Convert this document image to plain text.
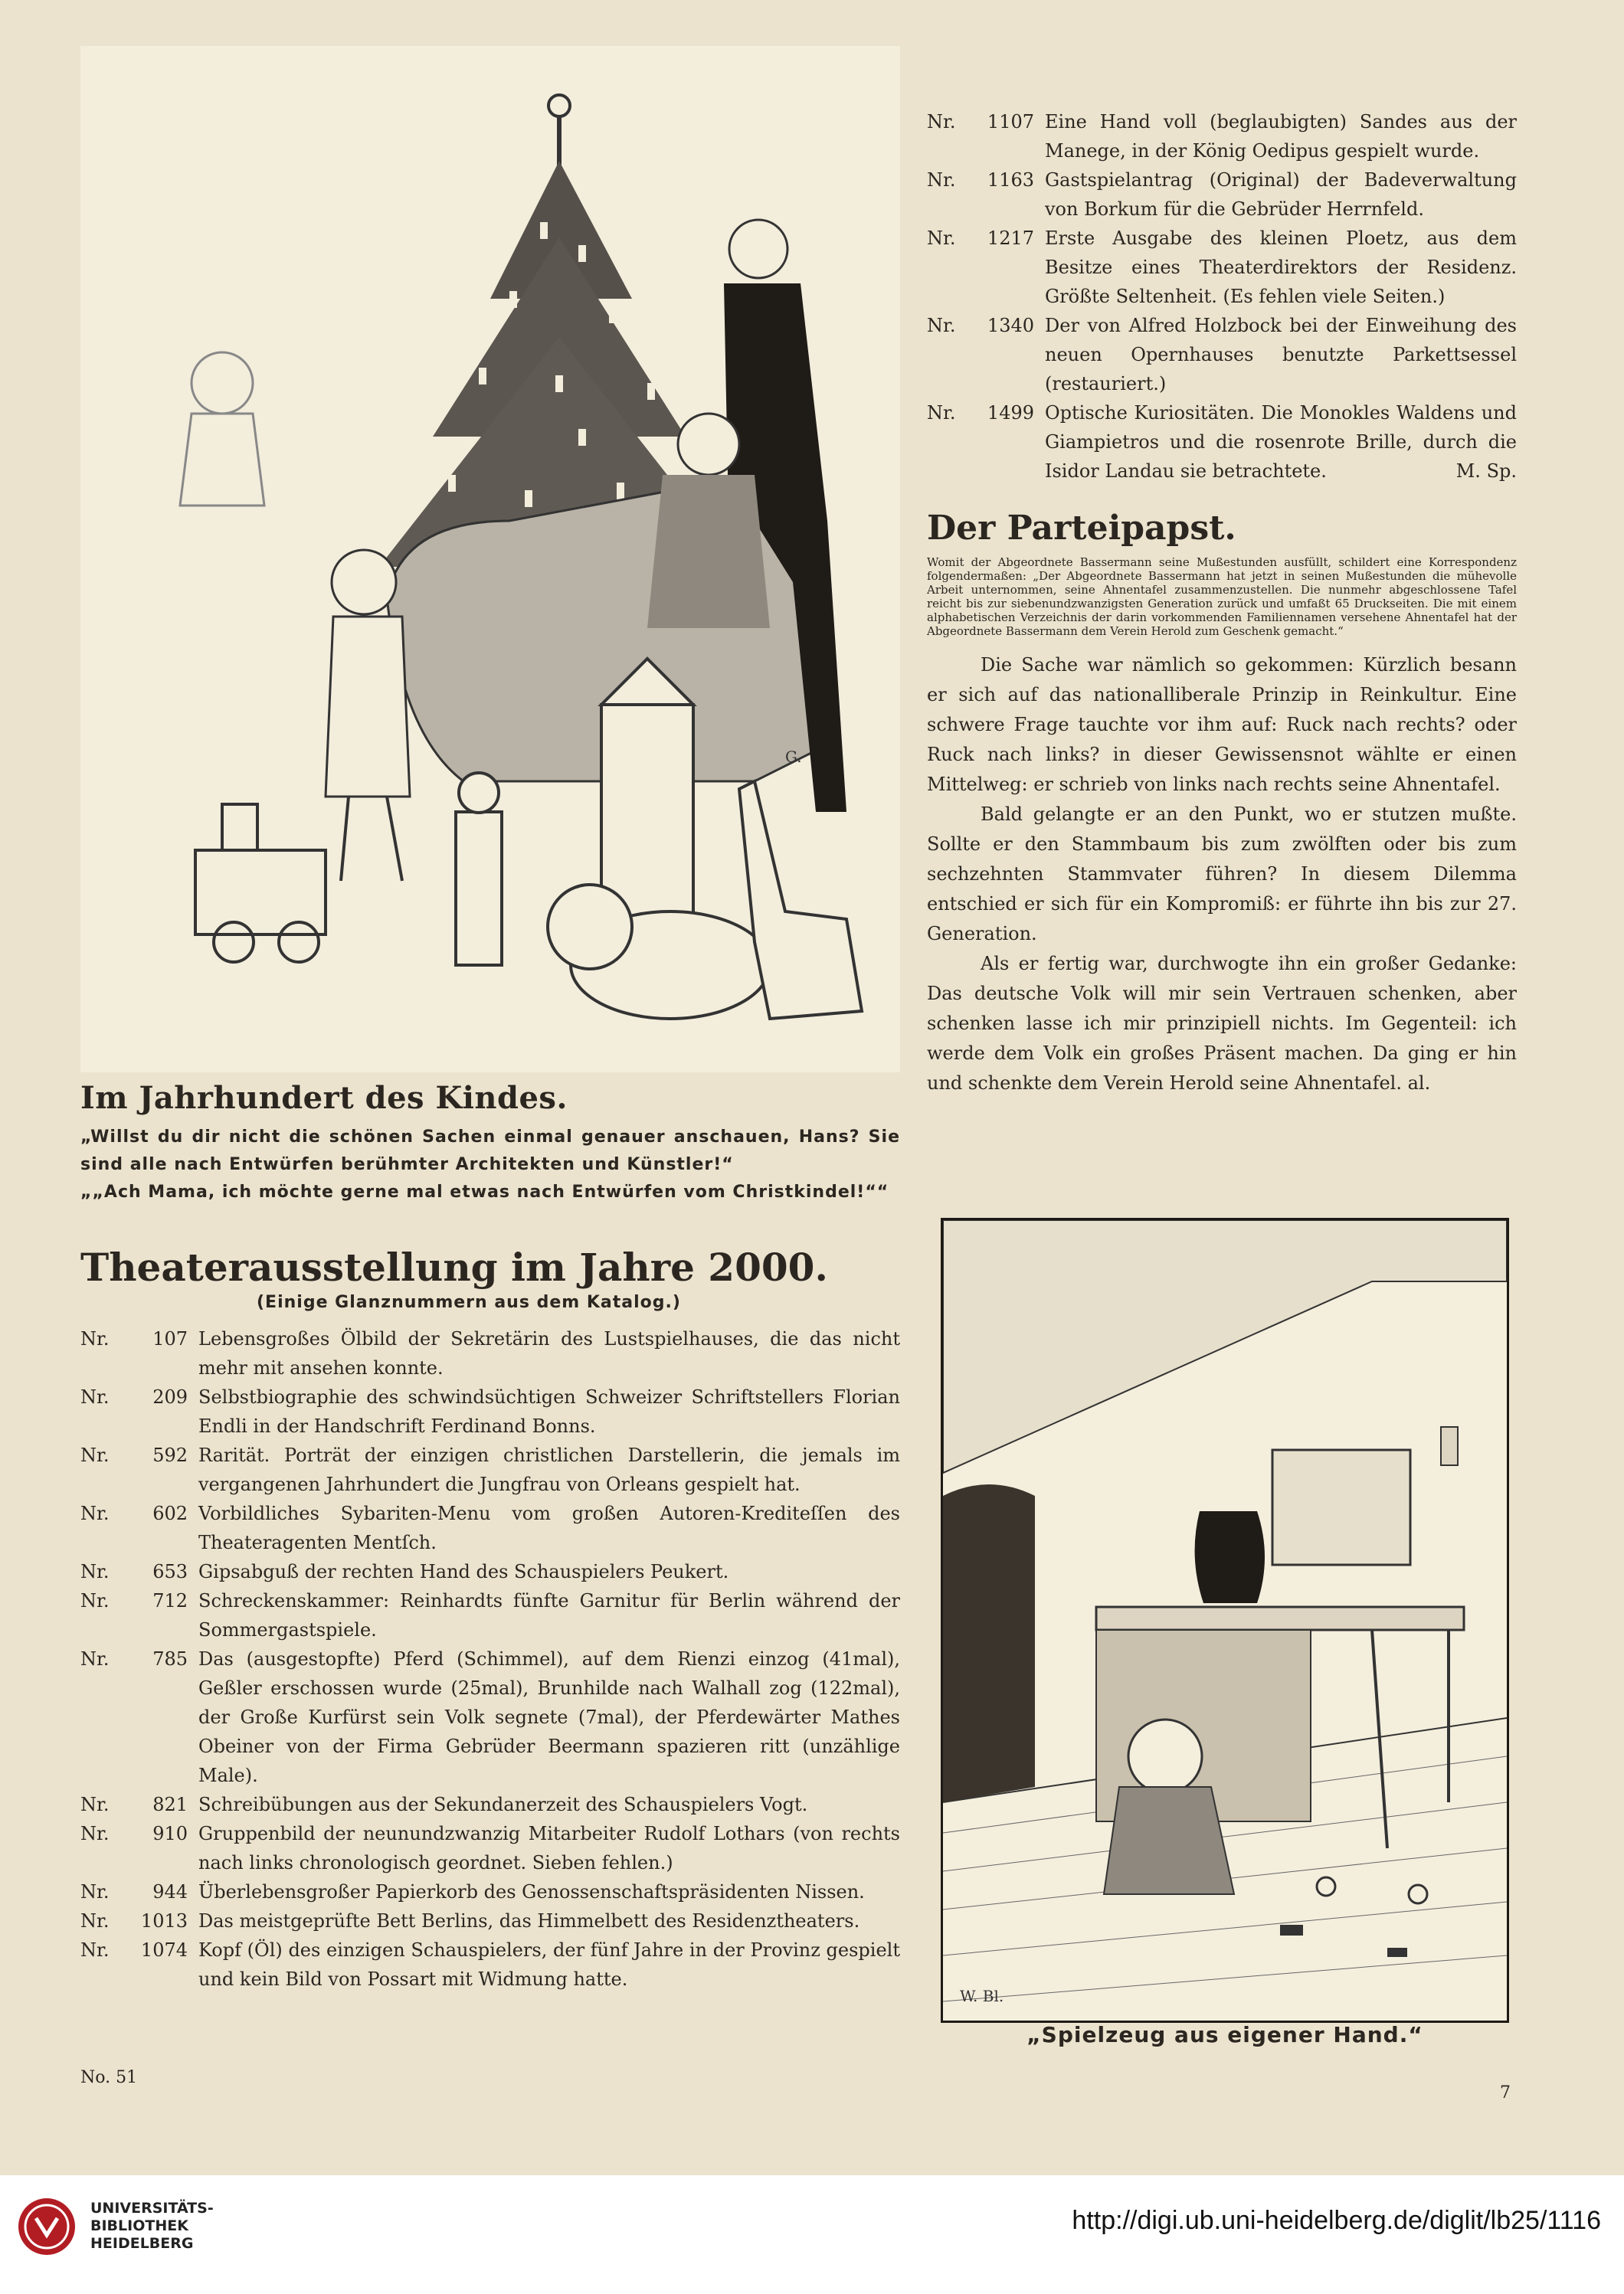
G.
Im Jahrhundert des Kindes.
„Willst du dir nicht die schönen Sachen einmal genauer anschauen, Hans? Sie sind alle nach Entwürfen berühmter Architekten und Künstler!“
„„Ach Mama, ich möchte gerne mal etwas nach Entwürfen vom Christkindel!““
Theaterausstellung im Jahre 2000.
(Einige Glanznummern aus dem Katalog.)
Nr.	107 Lebensgroßes Ölbild der Sekretärin des Lustspielhauses, die das nicht mehr mit ansehen konnte.
Nr.	209 Selbstbiographie des schwindsüchtigen Schweizer Schriftstellers Florian Endli in der Handschrift Ferdinand Bonns.
Nr.	592 Rarität. Porträt der einzigen christlichen Darstellerin, die jemals im vergangenen Jahrhundert die Jungfrau von Orleans gespielt hat.
Nr.	602 Vorbildliches Sybariten-Menu vom großen Autoren-Krediteſſen des Theateragenten Mentſch.
Nr.	653 Gipsabguß der rechten Hand des Schauspielers Peukert.
Nr.	712 Schreckenskammer: Reinhardts fünfte Garnitur für Berlin während der Sommergastspiele.
Nr.	785 Das (ausgestopfte) Pferd (Schimmel), auf dem Rienzi einzog (41mal), Geßler erschossen wurde (25mal), Brunhilde nach Walhall zog (122mal), der Große Kurfürst sein Volk segnete (7mal), der Pferdewärter Mathes Obeiner von der Firma Gebrüder Beermann spazieren ritt (unzählige Male).
Nr.	821 Schreibübungen aus der Sekundanerzeit des Schauspielers Vogt.
Nr.	910 Gruppenbild der neunundzwanzig Mitarbeiter Rudolf Lothars (von rechts nach links chronologisch geordnet. Sieben fehlen.)
Nr.	944 Überlebensgroßer Papierkorb des Genossenschaftspräsidenten Nissen.
Nr.	1013 Das meistgeprüfte Bett Berlins, das Himmelbett des Residenztheaters.
Nr.	1074 Kopf (Öl) des einzigen Schauspielers, der fünf Jahre in der Provinz gespielt und kein Bild von Possart mit Widmung hatte.
Nr.	1107 Eine Hand voll (beglaubigten) Sandes aus der Manege, in der König Oedipus gespielt wurde.
Nr.	1163 Gastspielantrag (Original) der Badeverwaltung von Borkum für die Gebrüder Herrnfeld.
Nr.	1217 Erste Ausgabe des kleinen Ploetz, aus dem Besitze eines Theaterdirektors der Residenz. Größte Seltenheit. (Es fehlen viele Seiten.)
Nr.	1340 Der von Alfred Holzbock bei der Einweihung des neuen Opernhauses benutzte Parkettsessel (restauriert.)
Nr.	1499 Optische Kuriositäten. Die Monokles Waldens und Giampietros und die rosenrote Brille, durch die Isidor Landau sie betrachtete.	M. Sp.
Der Parteipapst.

Womit der Abgeordnete Bassermann seine Mußestunden ausfüllt, schildert eine Korrespondenz folgendermaßen: „Der Abgeordnete Bassermann hat jetzt in seinen Mußestunden die mühevolle Arbeit unternommen, seine Ahnentafel zusammenzustellen. Die nunmehr abgeschlossene Tafel reicht bis zur siebenundzwanzigsten Generation zurück und umfaßt 65 Druckseiten. Die mit einem alphabetischen Verzeichnis der darin vorkommenden Familiennamen versehene Ahnentafel hat der Abgeordnete Bassermann dem Verein Herold zum Geschenk gemacht.“

Die Sache war nämlich so gekommen: Kürzlich besann er sich auf das nationalliberale Prinzip in Reinkultur. Eine schwere Frage tauchte vor ihm auf: Ruck nach rechts? oder Ruck nach links? in dieser Gewissensnot wählte er einen Mittelweg: er schrieb von links nach rechts seine Ahnentafel.

Bald gelangte er an den Punkt, wo er stutzen mußte. Sollte er den Stammbaum bis zum zwölften oder bis zum sechzehnten Stammvater führen? In diesem Dilemma entschied er sich für ein Kompromiß: er führte ihn bis zur 27. Generation.

Als er fertig war, durchwogte ihn ein großer Gedanke: Das deutsche Volk will mir sein Vertrauen schenken, aber schenken lasse ich mir prinzipiell nichts. Im Gegenteil: ich werde dem Volk ein großes Präsent machen. Da ging er hin und schenkte dem Verein Herold seine Ahnentafel. al.

W. Bl.
„Spielzeug aus eigener Hand.“
No. 51
7
UNIVERSITÄTS-
BIBLIOTHEK
HEIDELBERG
http://digi.ub.uni-heidelberg.de/diglit/lb25/1116
